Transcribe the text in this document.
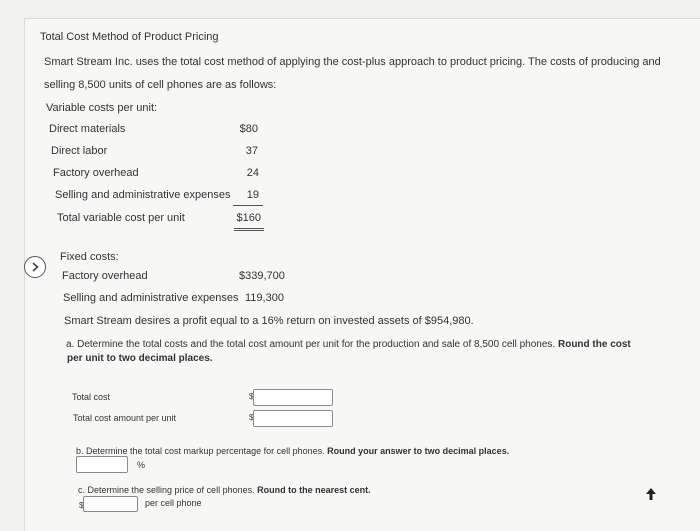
Total Cost Method of Product Pricing
Smart Stream Inc. uses the total cost method of applying the cost-plus approach to product pricing. The costs of producing and
selling 8,500 units of cell phones are as follows:
Variable costs per unit:
Direct materials	$80
Direct labor	37
Factory overhead	24
Selling and administrative expenses	19
Total variable cost per unit	$160
Fixed costs:
Factory overhead	$339,700
Selling and administrative expenses 119,300
Smart Stream desires a profit equal to a 16% return on invested assets of $954,980.
a. Determine the total costs and the total cost amount per unit for the production and sale of 8,500 cell phones. Round the cost
per unit to two decimal places.
Total cost	$
Total cost amount per unit	$
b. Determine the total cost markup percentage for cell phones. Round your answer to two decimal places.
%
c. Determine the selling price of cell phones. Round to the nearest cent.
$	per cell phone
